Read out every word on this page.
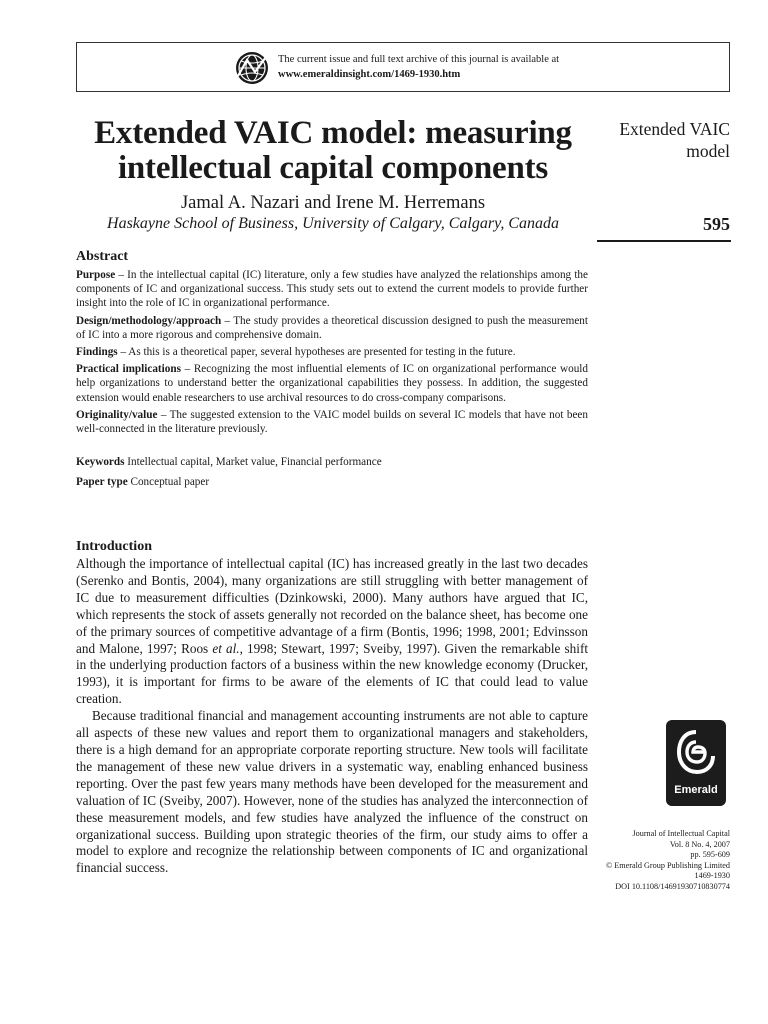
The current issue and full text archive of this journal is available at
www.emeraldinsight.com/1469-1930.htm
Extended VAIC model: measuring intellectual capital components
Jamal A. Nazari and Irene M. Herremans
Haskayne School of Business, University of Calgary, Calgary, Canada
Extended VAIC
model
595
Abstract
Purpose – In the intellectual capital (IC) literature, only a few studies have analyzed the relationships among the components of IC and organizational success. This study sets out to extend the current models to provide further insight into the role of IC in organizational performance.
Design/methodology/approach – The study provides a theoretical discussion designed to push the measurement of IC into a more rigorous and comprehensive domain.
Findings – As this is a theoretical paper, several hypotheses are presented for testing in the future.
Practical implications – Recognizing the most influential elements of IC on organizational performance would help organizations to understand better the organizational capabilities they possess. In addition, the suggested extension would enable researchers to use archival resources to do cross-company comparisons.
Originality/value – The suggested extension to the VAIC model builds on several IC models that have not been well-connected in the literature previously.
Keywords Intellectual capital, Market value, Financial performance
Paper type Conceptual paper
Introduction

Although the importance of intellectual capital (IC) has increased greatly in the last two decades (Serenko and Bontis, 2004), many organizations are still struggling with better management of IC due to measurement difficulties (Dzinkowski, 2000). Many authors have argued that IC, which represents the stock of assets generally not recorded on the balance sheet, has become one of the primary sources of competitive advantage of a firm (Bontis, 1996; 1998, 2001; Edvinsson and Malone, 1997; Roos et al., 1998; Stewart, 1997; Sveiby, 1997). Given the remarkable shift in the underlying production factors of a business within the new knowledge economy (Drucker, 1993), it is important for firms to be aware of the elements of IC that could lead to value creation.

Because traditional financial and management accounting instruments are not able to capture all aspects of these new values and report them to organizational managers and stakeholders, there is a high demand for an appropriate corporate reporting structure. New tools will facilitate the management of these new value drivers in a systematic way, enabling enhanced business reporting. Over the past few years many methods have been developed for the measurement and valuation of IC (Sveiby, 2007). However, none of the studies has analyzed the interconnection of these measurement models, and few studies have analyzed the influence of the construct on organizational success. Building upon strategic theories of the firm, our study aims to offer a model to explore and recognize the relationship between components of IC and organizational financial success.

Emerald
Journal of Intellectual Capital
Vol. 8 No. 4, 2007
pp. 595-609
© Emerald Group Publishing Limited
1469-1930
DOI 10.1108/14691930710830774
